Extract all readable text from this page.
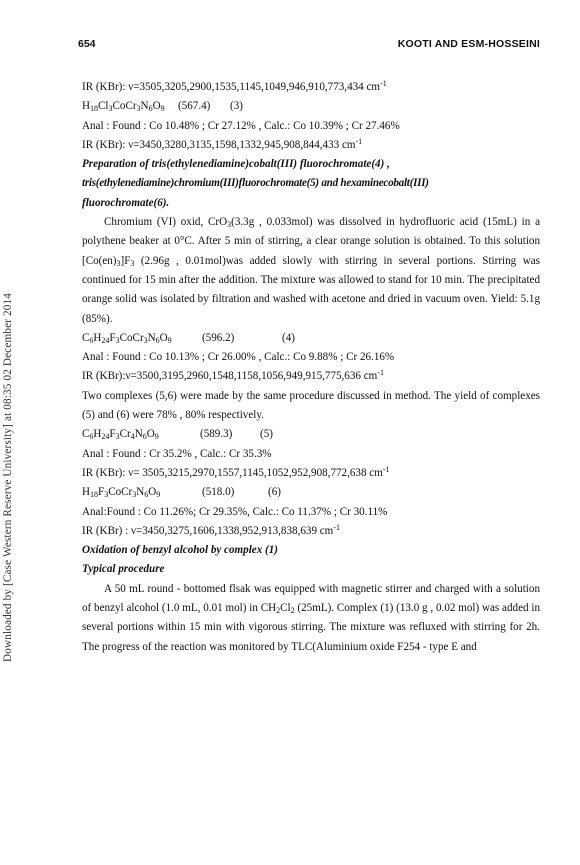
654	KOOTI AND ESM-HOSSEINI
Downloaded by [Case Western Reserve University] at 08:35 02 December 2014

IR (KBr): ν=3505,3205,2900,1535,1145,1049,946,910,773,434 $cm^{-1}$

$H_{18}Cl_3CoCr_3N_6O_9$ (567.4) (3)

Anal : Found : Co 10.48% ; Cr 27.12% , Calc.: Co 10.39% ; Cr 27.46%

IR (KBr): ν=3450,3280,3135,1598,1332,945,908,844,433 $cm^{-1}$

Preparation of tris(ethylenediamine)cobalt(III) fluorochromate(4) ,

tris(ethylenediamine)chromium(III)fluorochromate(5) and hexaminecobalt(III)

fluorochromate(6).

Chromium (VI) oxid, CrO$_3$(3.3g , 0.033mol) was dissolved in hydrofluoric acid (15mL) in a polythene beaker at 0°C. After 5 min of stirring, a clear orange solution is obtained. To this solution $[Co(en)_3]F_3$ (2.96g , 0.01mol)was added slowly with stirring in several portions. Stirring was continued for 15 min after the addition. The mixture was allowed to stand for 10 min. The precipitated orange solid was isolated by filtration and washed with acetone and dried in vacuum oven. Yield: 5.1g (85%).

$C_6H_{24}F_3CoCr_3N_6O_9$	(596.2)	(4)

Anal : Found : Co 10.13% ; Cr 26.00% , Calc.: Co 9.88% ; Cr 26.16%

IR (KBr):ν=3500,3195,2960,1548,1158,1056,949,915,775,636 $cm^{-1}$

Two complexes (5,6) were made by the same procedure discussed in method. The yield of complexes (5) and (6) were 78% , 80% respectively.

$C_6H_{24}F_3Cr_4N_6O_9$	(589.3) (5)

Anal : Found : Cr 35.2% , Calc.: Cr 35.3%

IR (KBr): ν= 3505,3215,2970,1557,1145,1052,952,908,772,638 $cm^{-1}$

$H_{18}F_3CoCr_3N_6O_9$	(518.0)	(6)

Anal:Found : Co 11.26%; Cr 29.35%, Calc.: Co 11.37% ; Cr 30.11%

IR (KBr) : ν=3450,3275,1606,1338,952,913,838,639 $cm^{-1}$

Oxidation of benzyl alcohol by complex (1)

Typical procedure

A 50 mL round - bottomed flsak was equipped with magnetic stirrer and charged with a solution of benzyl alcohol (1.0 mL, 0.01 mol) in $CH_2Cl_2$ (25mL). Complex (1) (13.0 g , 0.02 mol) was added in several portions within 15 min with vigorous stirring. The mixture was refluxed with stirring for 2h. The progress of the reaction was monitored by TLC(Aluminium oxide F254 - type E and
